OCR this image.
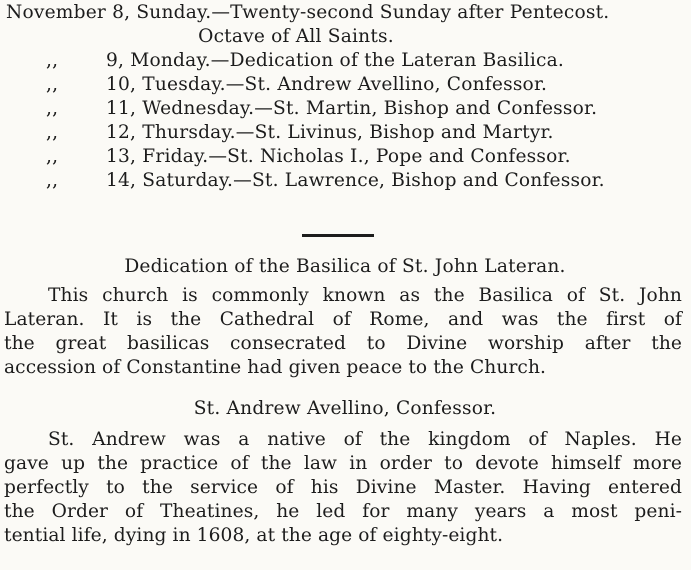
November 8, Sunday.—Twenty-second Sunday after Pentecost.
Octave of All Saints.
,,	9, Monday.—Dedication of the Lateran Basilica.
,,	10, Tuesday.—St. Andrew Avellino, Confessor.
,,	11, Wednesday.—St. Martin, Bishop and Confessor.
,,	12, Thursday.—St. Livinus, Bishop and Martyr.
,,	13, Friday.—St. Nicholas I., Pope and Confessor.
,,	14, Saturday.—St. Lawrence, Bishop and Confessor.
Dedication of the Basilica of St. John Lateran.
This church is commonly known as the Basilica of St. John
Lateran. It is the Cathedral of Rome, and was the first of
the great basilicas consecrated to Divine worship after the
accession of Constantine had given peace to the Church.
St. Andrew Avellino, Confessor.
St. Andrew was a native of the kingdom of Naples. He
gave up the practice of the law in order to devote himself more
perfectly to the service of his Divine Master. Having entered
the Order of Theatines, he led for many years a most peni-
tential life, dying in 1608, at the age of eighty-eight.
